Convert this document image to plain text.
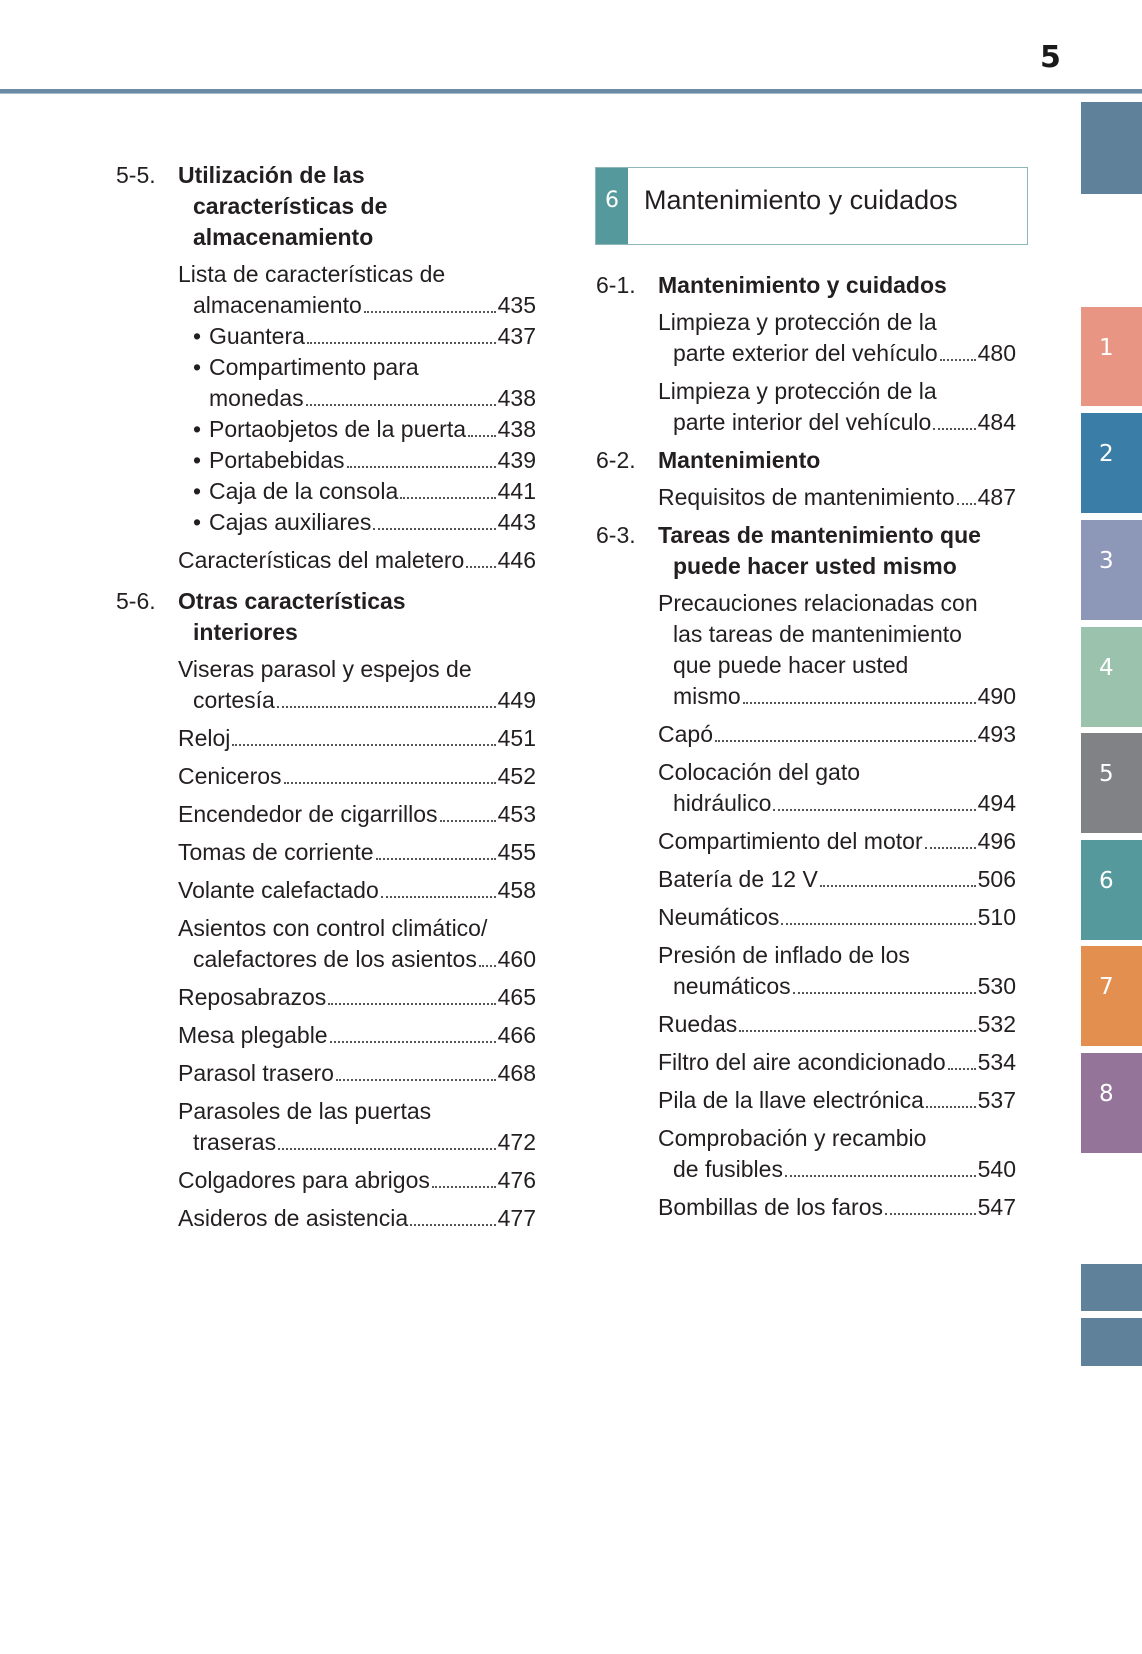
5
1
2
3
4
5
6
7
8
5-5. Utilización de las
características de
almacenamiento
Lista de características de
almacenamiento	435
• Guantera	437
• Compartimento para
monedas	438
• Portaobjetos de la puerta 438
• Portabebidas	439
• Caja de la consola	441
• Cajas auxiliares	443
Características del maletero 446
5-6. Otras características
interiores
Viseras parasol y espejos de
cortesía	449
Reloj	451
Ceniceros	452
Encendedor de cigarrillos	453
Tomas de corriente	455
Volante calefactado	458
Asientos con control climático/
calefactores de los asientos 460
Reposabrazos	465
Mesa plegable	466
Parasol trasero	468
Parasoles de las puertas
traseras	472
Colgadores para abrigos	476
Asideros de asistencia	477
6 Mantenimiento y cuidados
6-1. Mantenimiento y cuidados
Limpieza y protección de la
parte exterior del vehículo 480
Limpieza y protección de la
parte interior del vehículo 484
6-2. Mantenimiento
Requisitos de mantenimiento 487
6-3. Tareas de mantenimiento que
puede hacer usted mismo
Precauciones relacionadas con
las tareas de mantenimiento
que puede hacer usted
mismo	490
Capó	493
Colocación del gato
hidráulico	494
Compartimiento del motor 496
Batería de 12 V	506
Neumáticos	510
Presión de inflado de los
neumáticos	530
Ruedas	532
Filtro del aire acondicionado 534
Pila de la llave electrónica 537
Comprobación y recambio
de fusibles	540
Bombillas de los faros	547
